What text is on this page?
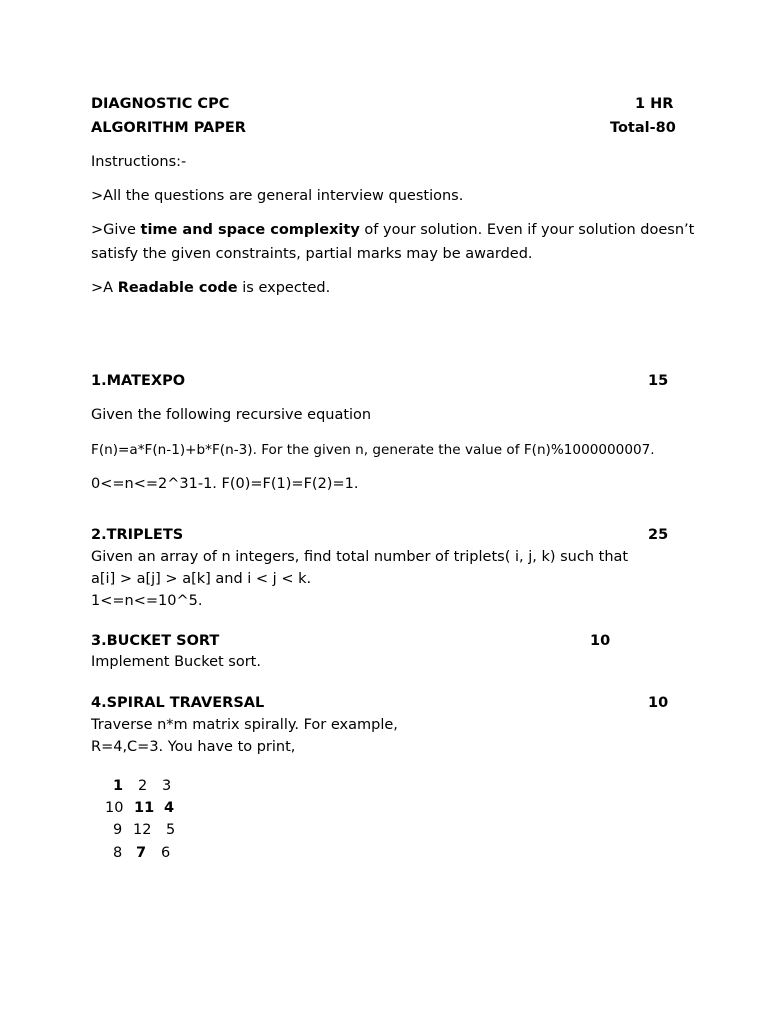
DIAGNOSTIC CPC	1 HR
ALGORITHM PAPER	Total-80
Instructions:-
>All the questions are general interview questions.
>Give time and space complexity of your solution. Even if your solution doesn’t
satisfy the given constraints, partial marks may be awarded.
>A Readable code is expected.
1.MATEXPO	15
Given the following recursive equation
F(n)=a*F(n-1)+b*F(n-3). For the given n, generate the value of F(n)%1000000007.
0<=n<=2^31-1. F(0)=F(1)=F(2)=1.
2.TRIPLETS	25
Given an array of n integers, find total number of triplets( i, j, k) such that
a[i] > a[j] > a[k] and i < j < k.
1<=n<=10^5.
3.BUCKET SORT	10
Implement Bucket sort.
4.SPIRAL TRAVERSAL	10
Traverse n*m matrix spirally. For example,
R=4,C=3. You have to print,
1 2 3
10 11 4
9 12 5
8 7 6
